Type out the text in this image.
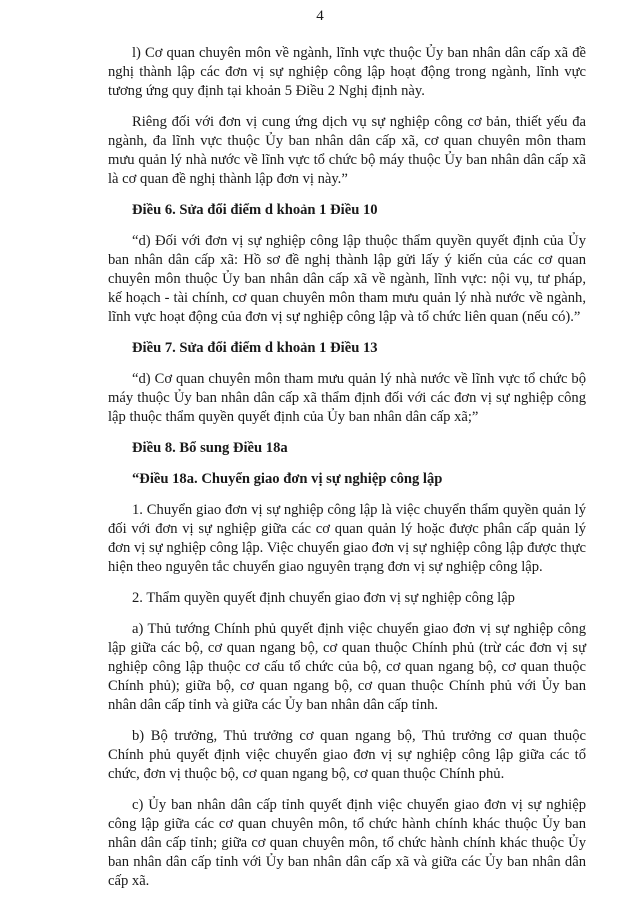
4

l) Cơ quan chuyên môn về ngành, lĩnh vực thuộc Ủy ban nhân dân cấp xã đề nghị thành lập các đơn vị sự nghiệp công lập hoạt động trong ngành, lĩnh vực tương ứng quy định tại khoản 5 Điều 2 Nghị định này.

Riêng đối với đơn vị cung ứng dịch vụ sự nghiệp công cơ bản, thiết yếu đa ngành, đa lĩnh vực thuộc Ủy ban nhân dân cấp xã, cơ quan chuyên môn tham mưu quản lý nhà nước về lĩnh vực tổ chức bộ máy thuộc Ủy ban nhân dân cấp xã là cơ quan đề nghị thành lập đơn vị này.”

Điều 6. Sửa đổi điểm d khoản 1 Điều 10

“d) Đối với đơn vị sự nghiệp công lập thuộc thẩm quyền quyết định của Ủy ban nhân dân cấp xã: Hồ sơ đề nghị thành lập gửi lấy ý kiến của các cơ quan chuyên môn thuộc Ủy ban nhân dân cấp xã về ngành, lĩnh vực: nội vụ, tư pháp, kế hoạch - tài chính, cơ quan chuyên môn tham mưu quản lý nhà nước về ngành, lĩnh vực hoạt động của đơn vị sự nghiệp công lập và tổ chức liên quan (nếu có).”

Điều 7. Sửa đổi điểm d khoản 1 Điều 13

“d) Cơ quan chuyên môn tham mưu quản lý nhà nước về lĩnh vực tổ chức bộ máy thuộc Ủy ban nhân dân cấp xã thẩm định đối với các đơn vị sự nghiệp công lập thuộc thẩm quyền quyết định của Ủy ban nhân dân cấp xã;”

Điều 8. Bổ sung Điều 18a

“Điều 18a. Chuyển giao đơn vị sự nghiệp công lập

1. Chuyển giao đơn vị sự nghiệp công lập là việc chuyển thẩm quyền quản lý đối với đơn vị sự nghiệp giữa các cơ quan quản lý hoặc được phân cấp quản lý đơn vị sự nghiệp công lập. Việc chuyển giao đơn vị sự nghiệp công lập được thực hiện theo nguyên tắc chuyển giao nguyên trạng đơn vị sự nghiệp công lập.

2. Thẩm quyền quyết định chuyển giao đơn vị sự nghiệp công lập

a) Thủ tướng Chính phủ quyết định việc chuyển giao đơn vị sự nghiệp công lập giữa các bộ, cơ quan ngang bộ, cơ quan thuộc Chính phủ (trừ các đơn vị sự nghiệp công lập thuộc cơ cấu tổ chức của bộ, cơ quan ngang bộ, cơ quan thuộc Chính phủ); giữa bộ, cơ quan ngang bộ, cơ quan thuộc Chính phủ với Ủy ban nhân dân cấp tỉnh và giữa các Ủy ban nhân dân cấp tỉnh.

b) Bộ trưởng, Thủ trưởng cơ quan ngang bộ, Thủ trưởng cơ quan thuộc Chính phủ quyết định việc chuyển giao đơn vị sự nghiệp công lập giữa các tổ chức, đơn vị thuộc bộ, cơ quan ngang bộ, cơ quan thuộc Chính phủ.

c) Ủy ban nhân dân cấp tỉnh quyết định việc chuyển giao đơn vị sự nghiệp công lập giữa các cơ quan chuyên môn, tổ chức hành chính khác thuộc Ủy ban nhân dân cấp tỉnh; giữa cơ quan chuyên môn, tổ chức hành chính khác thuộc Ủy ban nhân dân cấp tỉnh với Ủy ban nhân dân cấp xã và giữa các Ủy ban nhân dân cấp xã.
